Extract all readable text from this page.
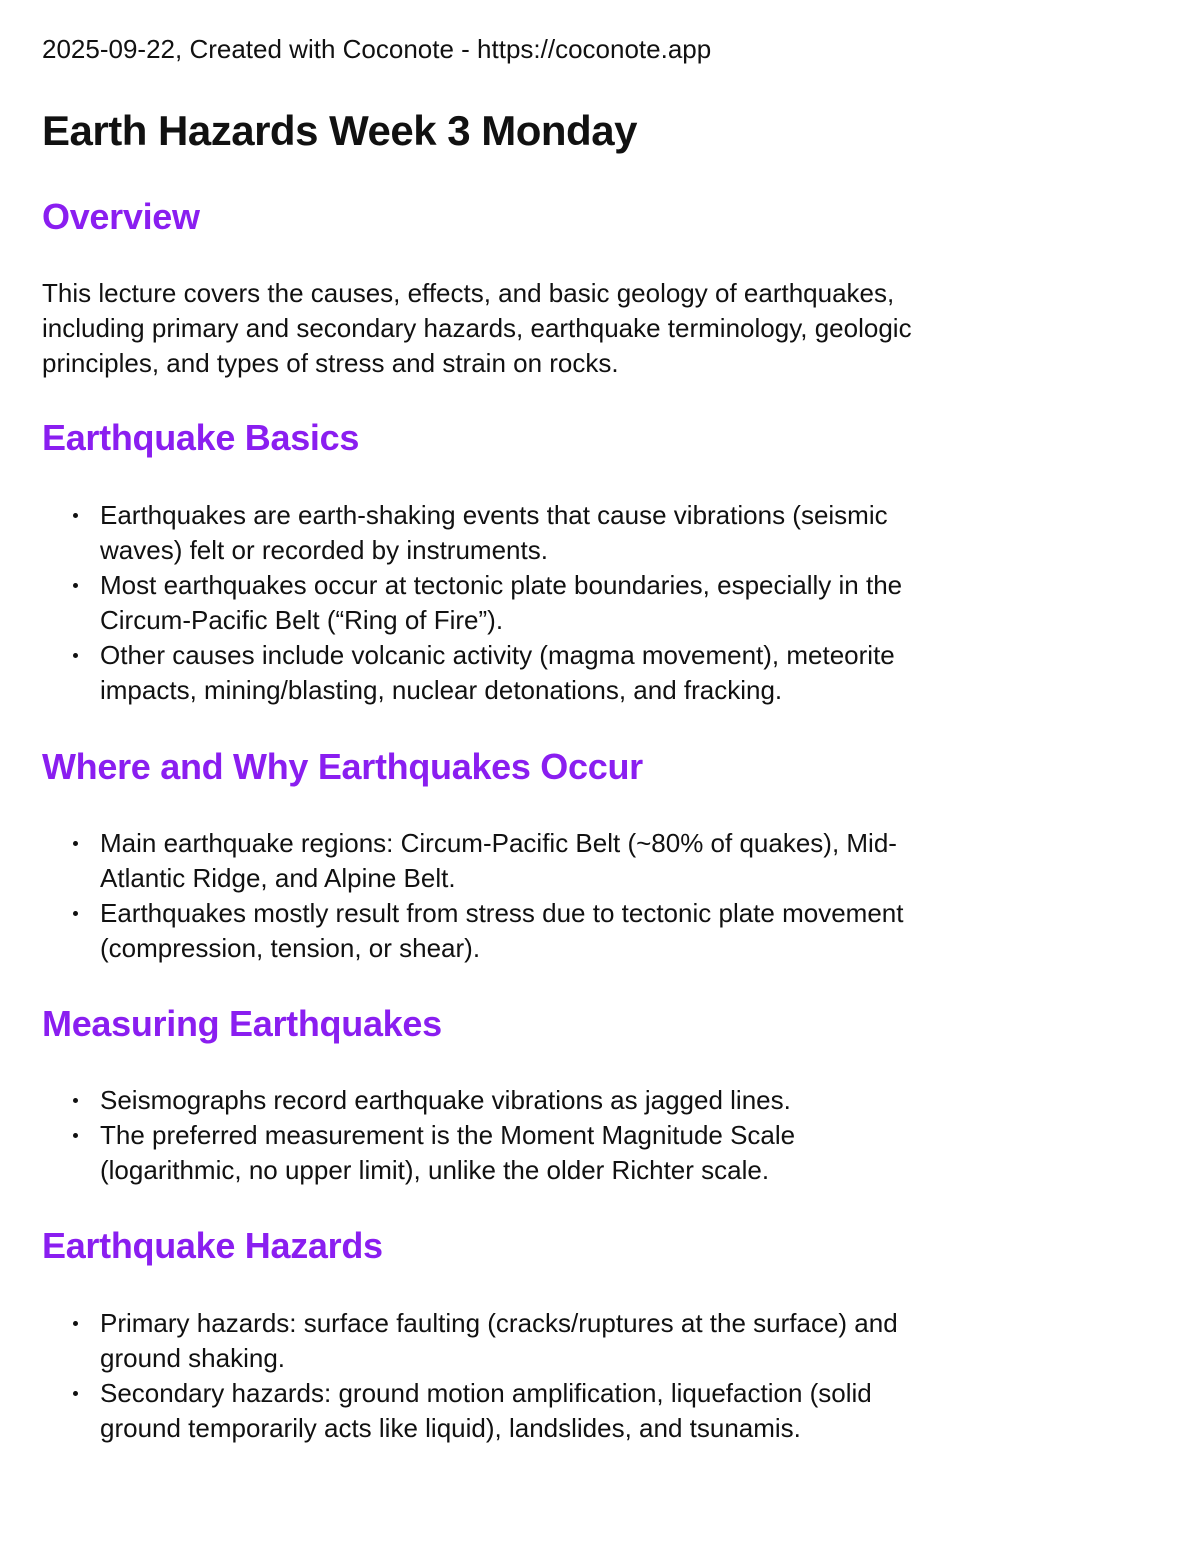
2025-09-22, Created with Coconote - https://coconote.app
Earth Hazards Week 3 Monday
Overview

This lecture covers the causes, effects, and basic geology of earthquakes,
including primary and secondary hazards, earthquake terminology, geologic
principles, and types of stress and strain on rocks.

Earthquake Basics
Earthquakes are earth-shaking events that cause vibrations (seismic
waves) felt or recorded by instruments.
Most earthquakes occur at tectonic plate boundaries, especially in the
Circum-Pacific Belt (“Ring of Fire”).
Other causes include volcanic activity (magma movement), meteorite
impacts, mining/blasting, nuclear detonations, and fracking.
Where and Why Earthquakes Occur
Main earthquake regions: Circum-Pacific Belt (~80% of quakes), Mid-
Atlantic Ridge, and Alpine Belt.
Earthquakes mostly result from stress due to tectonic plate movement
(compression, tension, or shear).
Measuring Earthquakes
Seismographs record earthquake vibrations as jagged lines.
The preferred measurement is the Moment Magnitude Scale
(logarithmic, no upper limit), unlike the older Richter scale.
Earthquake Hazards
Primary hazards: surface faulting (cracks/ruptures at the surface) and
ground shaking.
Secondary hazards: ground motion amplification, liquefaction (solid
ground temporarily acts like liquid), landslides, and tsunamis.
